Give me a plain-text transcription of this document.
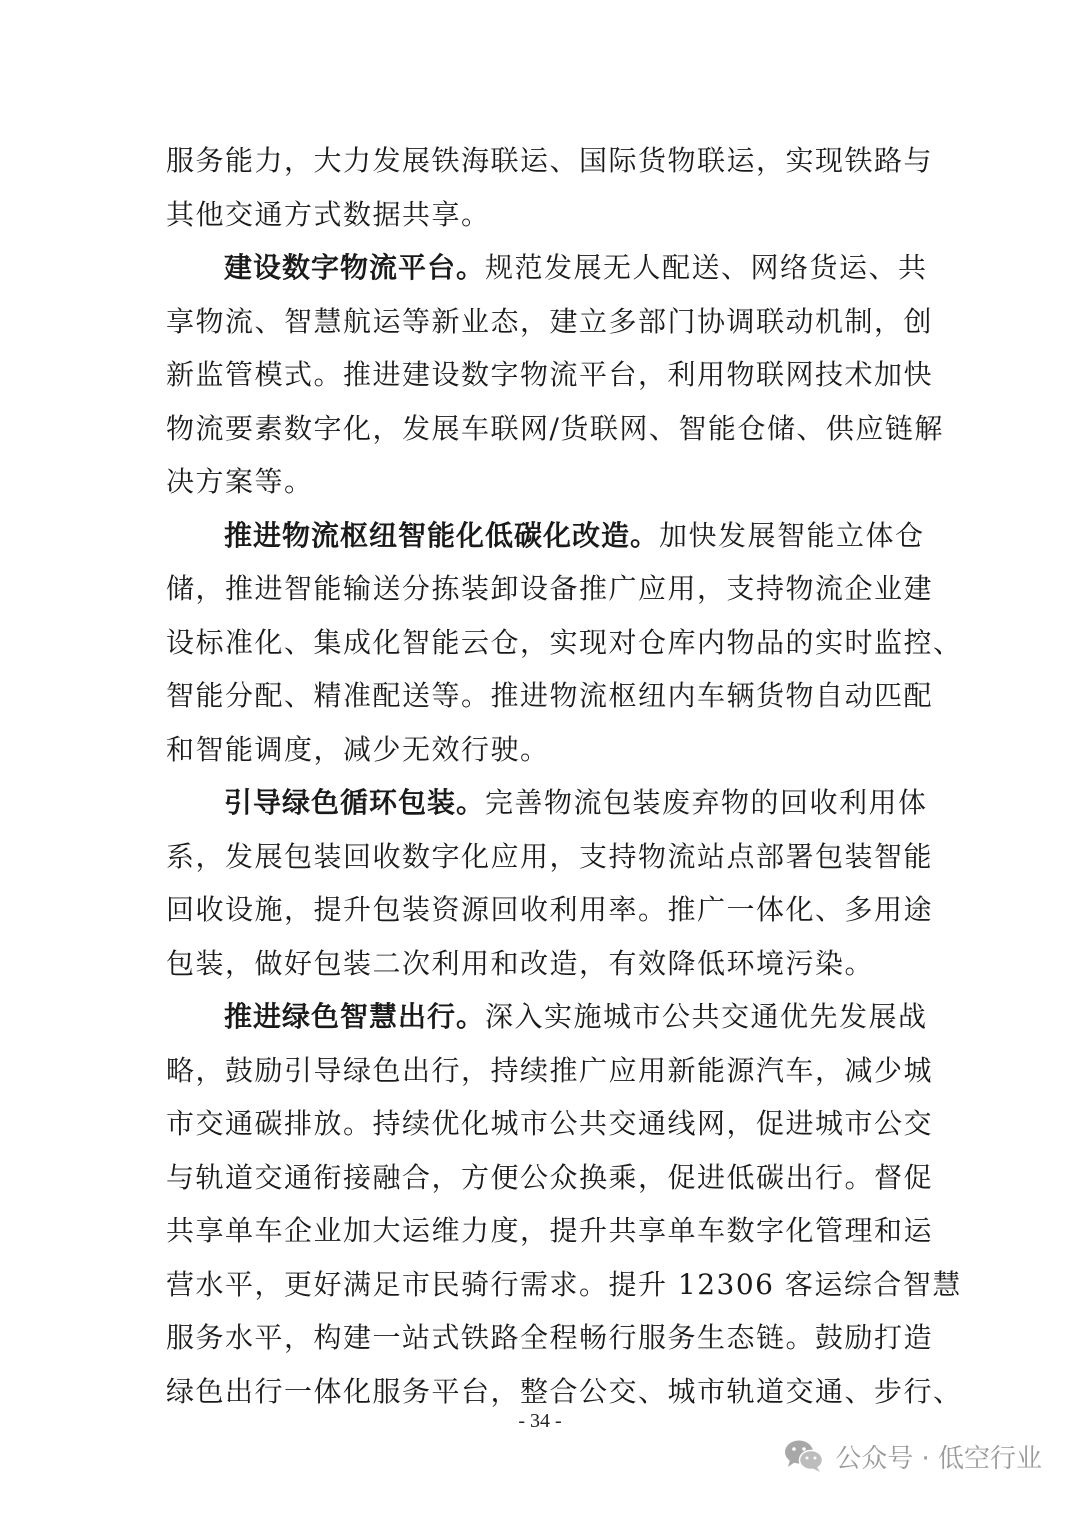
服务能力，大力发展铁海联运、国际货物联运，实现铁路与
其他交通方式数据共享。
建设数字物流平台。规范发展无人配送、网络货运、共
享物流、智慧航运等新业态，建立多部门协调联动机制，创
新监管模式。推进建设数字物流平台，利用物联网技术加快
物流要素数字化，发展车联网/货联网、智能仓储、供应链解
决方案等。
推进物流枢纽智能化低碳化改造。加快发展智能立体仓
储，推进智能输送分拣装卸设备推广应用，支持物流企业建
设标准化、集成化智能云仓，实现对仓库内物品的实时监控、
智能分配、精准配送等。推进物流枢纽内车辆货物自动匹配
和智能调度，减少无效行驶。
引导绿色循环包装。完善物流包装废弃物的回收利用体
系，发展包装回收数字化应用，支持物流站点部署包装智能
回收设施，提升包装资源回收利用率。推广一体化、多用途
包装，做好包装二次利用和改造，有效降低环境污染。
推进绿色智慧出行。深入实施城市公共交通优先发展战
略，鼓励引导绿色出行，持续推广应用新能源汽车，减少城
市交通碳排放。持续优化城市公共交通线网，促进城市公交
与轨道交通衔接融合，方便公众换乘，促进低碳出行。督促
共享单车企业加大运维力度，提升共享单车数字化管理和运
营水平，更好满足市民骑行需求。提升 12306 客运综合智慧
服务水平，构建一站式铁路全程畅行服务生态链。鼓励打造
绿色出行一体化服务平台，整合公交、城市轨道交通、步行、
- 34 -
公众号 · 低空行业
